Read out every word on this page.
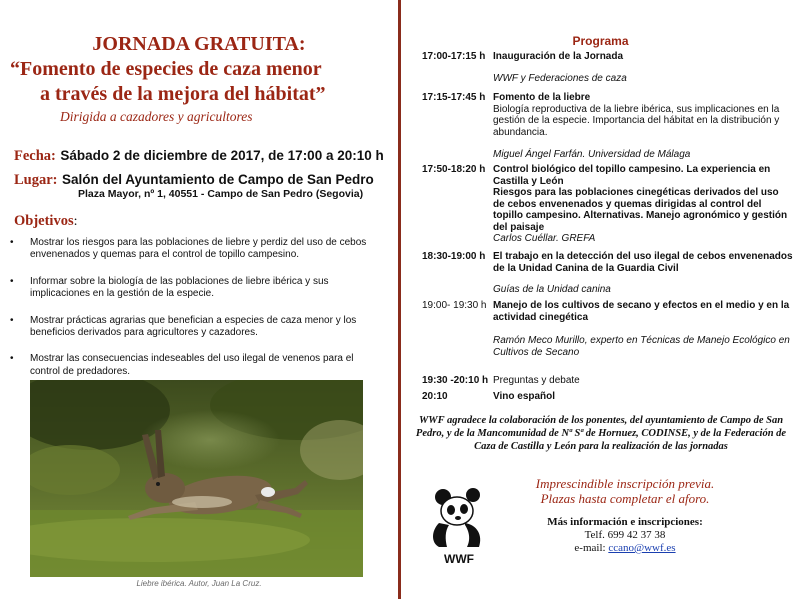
JORNADA GRATUITA:
“Fomento de especies de caza menor
a través de la mejora del hábitat”
Dirigida a cazadores y agricultores
Fecha: Sábado 2 de diciembre de 2017, de 17:00 a 20:10 h
Lugar: Salón del Ayuntamiento de Campo de San Pedro
Plaza Mayor, nº 1, 40551 - Campo de San Pedro (Segovia)
Objetivos:
• Mostrar los riesgos para las poblaciones de liebre y perdiz del uso de cebos envenenados y quemas para el control de topillo campesino.
• Informar sobre la biología de las poblaciones de liebre ibérica y sus implicaciones en la gestión de la especie.
• Mostrar prácticas agrarias que benefician a especies de caza menor y los beneficios derivados para agricultores y cazadores.
• Mostrar las consecuencias indeseables del uso ilegal de venenos para el control de predadores.
Liebre ibérica. Autor, Juan La Cruz.
Programa
17:00-17:15 h Inauguración de la Jornada
WWF y Federaciones de caza
17:15-17:45 h Fomento de la liebre
Biología reproductiva de la liebre ibérica, sus implicaciones en la gestión de la especie. Importancia del hábitat en la distribución y abundancia.
Miguel Ángel Farfán. Universidad de Málaga
17:50-18:20 h Control biológico del topillo campesino. La experiencia en Castilla y León
Riesgos para las poblaciones cinegéticas derivados del uso de cebos envenenados y quemas dirigidas al control del topillo campesino. Alternativas. Manejo agronómico y gestión del paisaje
Carlos Cuéllar. GREFA
18:30-19:00 h El trabajo en la detección del uso ilegal de cebos envenenados de la Unidad Canina de la Guardia Civil
Guías de la Unidad canina
19:00- 19:30 h Manejo de los cultivos de secano y efectos en el medio y en la actividad cinegética
Ramón Meco Murillo, experto en Técnicas de Manejo Ecológico en Cultivos de Secano
19:30 -20:10 h Preguntas y debate
20:10	Vino español
WWF agradece la colaboración de los ponentes, del ayuntamiento de Campo de San Pedro, y de la Mancomunidad de Nª Sª de Hornuez, CODINSE, y de la Federación de Caza de Castilla y León para la realización de las jornadas
WWF
Imprescindible inscripción previa.
Plazas hasta completar el aforo.
Más información e inscripciones:
Telf. 699 42 37 38
e-mail: ccano@wwf.es
